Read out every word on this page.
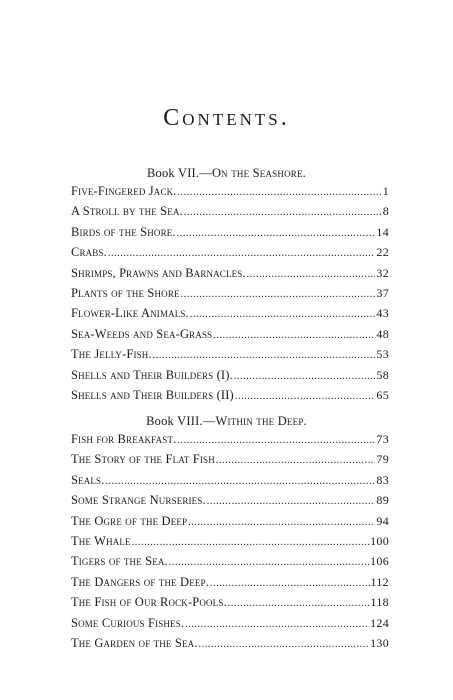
Contents.
Book VII.—On the Seashore.
Five-Fingered Jack. .....	1
A Stroll by the Sea. .....	8
Birds of the Shore. .....	14
Crabs. .....	22
Shrimps, Prawns and Barnacles. .....	32
Plants of the Shore .....	37
Flower-Like Animals. .....	43
Sea-Weeds and Sea-Grass .....	48
The Jelly-Fish. .....	53
Shells and Their Builders (I). .....	58
Shells and Their Builders (II) .....	65
Book VIII.—Within the Deep.
Fish for Breakfast. .....	73
The Story of the Flat Fish .....	79
Seals. .....	83
Some Strange Nurseries. .....	89
The Ogre of the Deep .....	94
The Whale .....	100
Tigers of the Sea. .....	106
The Dangers of the Deep. .....	112
The Fish of Our Rock-Pools. .....	118
Some Curious Fishes. .....	124
The Garden of the Sea. .....	130
